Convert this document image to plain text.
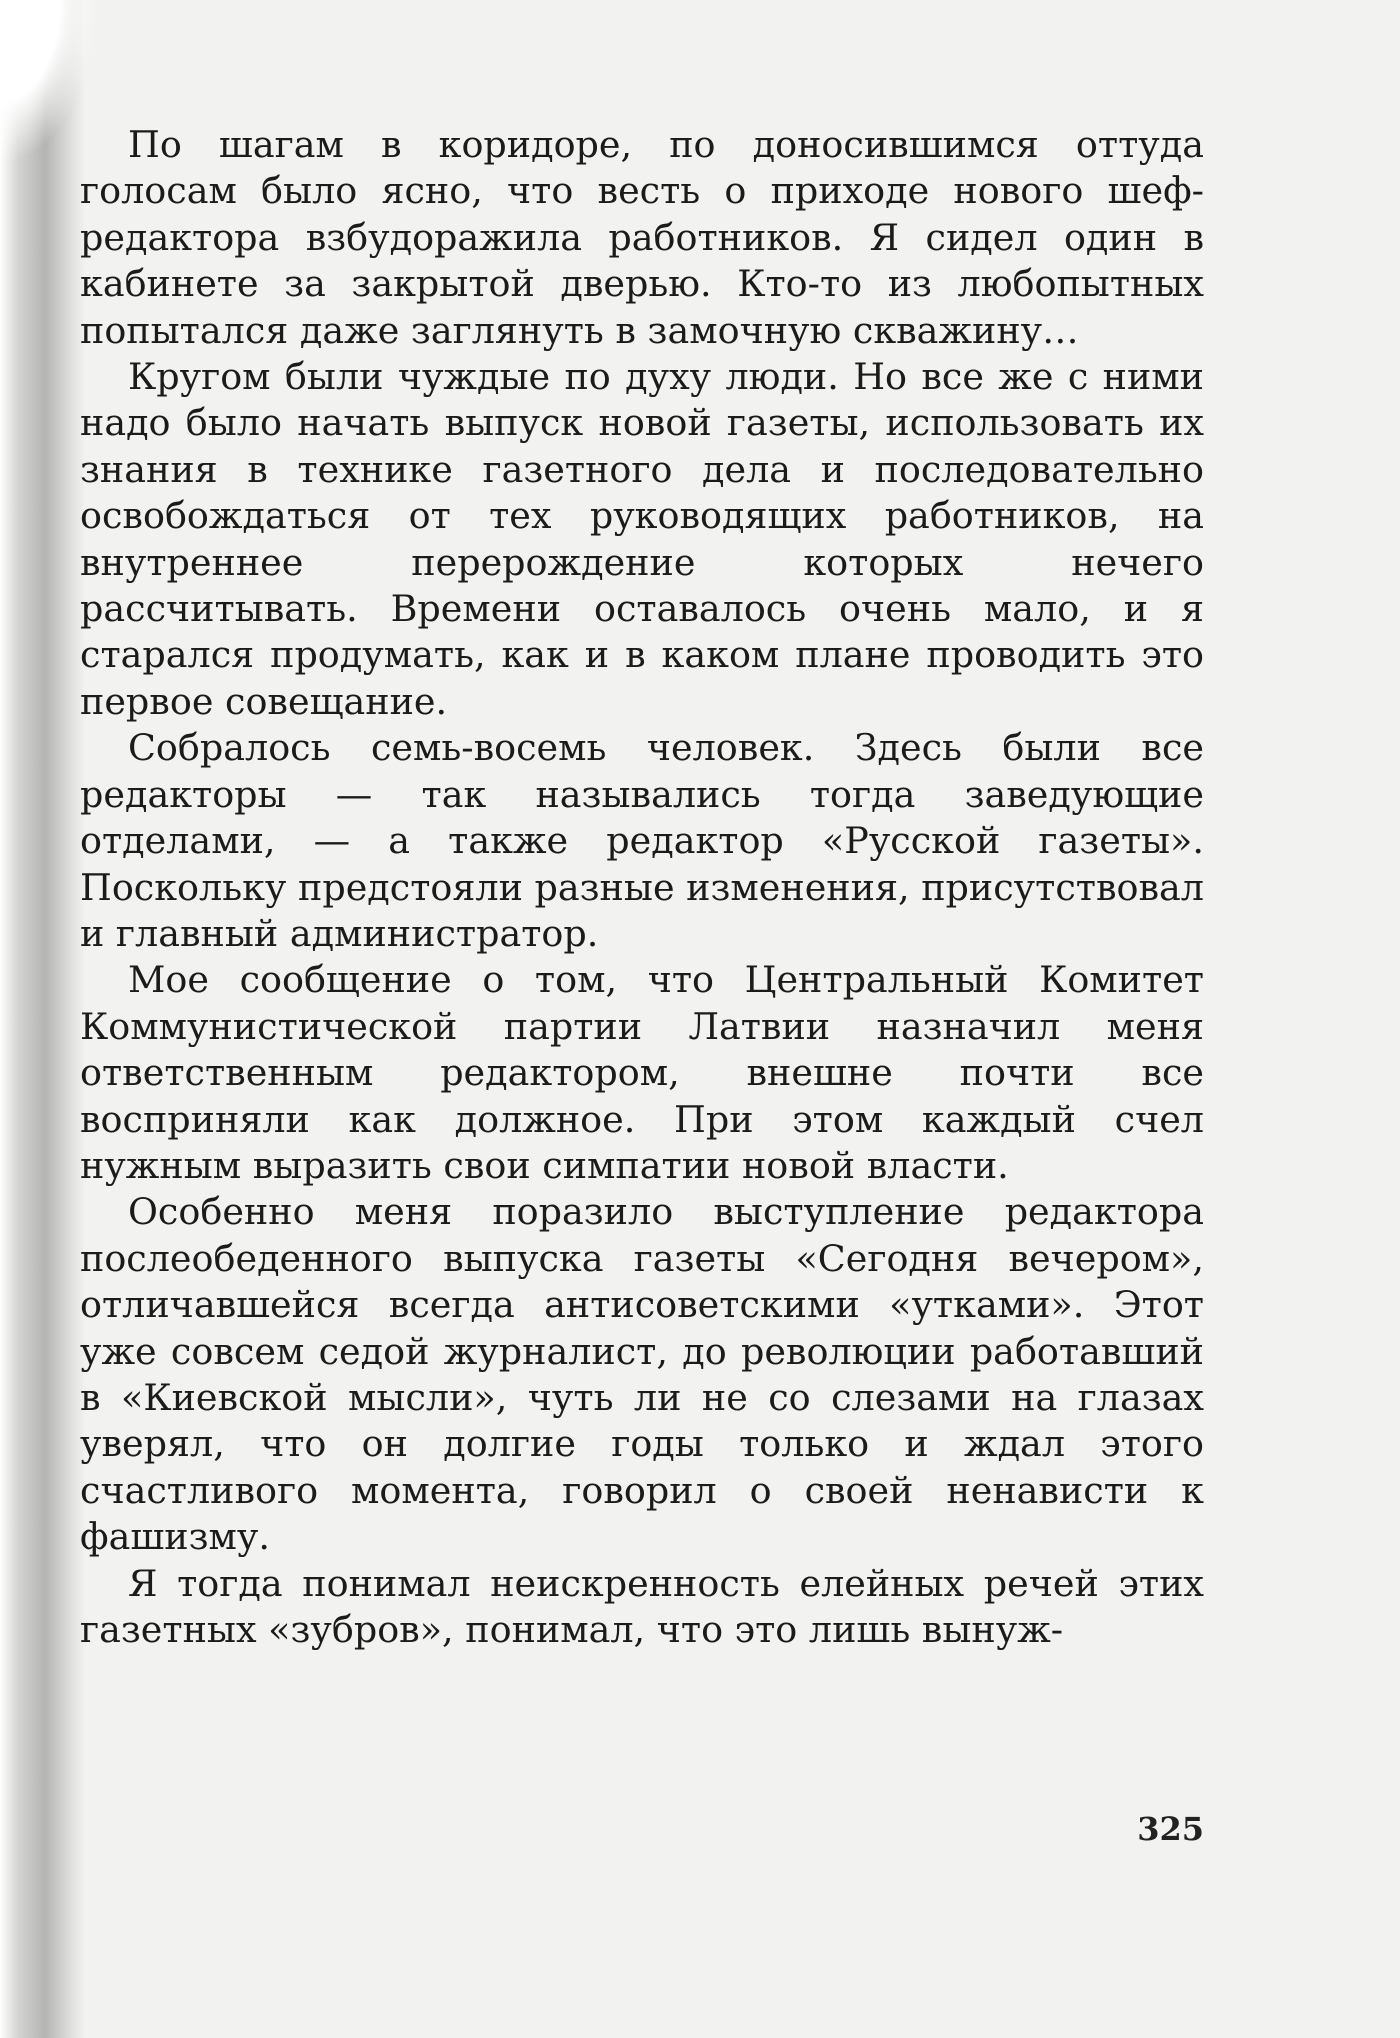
По шагам в коридоре, по доносившимся оттуда голосам было ясно, что весть о приходе нового шеф-редактора взбудоражила работников. Я сидел один в кабинете за закрытой дверью. Кто-то из любопытных попытался даже заглянуть в замочную скважину…

Кругом были чуждые по духу люди. Но все же с ними надо было начать выпуск новой газеты, использовать их знания в технике газетного дела и последовательно освобождаться от тех руководящих работников, на внутреннее перерождение которых нечего рассчитывать. Времени оставалось очень мало, и я старался продумать, как и в каком плане проводить это первое совещание.

Собралось семь-восемь человек. Здесь были все редакторы — так назывались тогда заведующие отделами, — а также редактор «Русской газеты». Поскольку предстояли разные изменения, присутствовал и главный администратор.

Мое сообщение о том, что Центральный Комитет Коммунистической партии Латвии назначил меня ответственным редактором, внешне почти все восприняли как должное. При этом каждый счел нужным выразить свои симпатии новой власти.

Особенно меня поразило выступление редактора послеобеденного выпуска газеты «Сегодня вечером», отличавшейся всегда антисоветскими «утками». Этот уже совсем седой журналист, до революции работавший в «Киевской мысли», чуть ли не со слезами на глазах уверял, что он долгие годы только и ждал этого счастливого момента, говорил о своей ненависти к фашизму.

Я тогда понимал неискренность елейных речей этих газетных «зубров», понимал, что это лишь вынуж-

325
